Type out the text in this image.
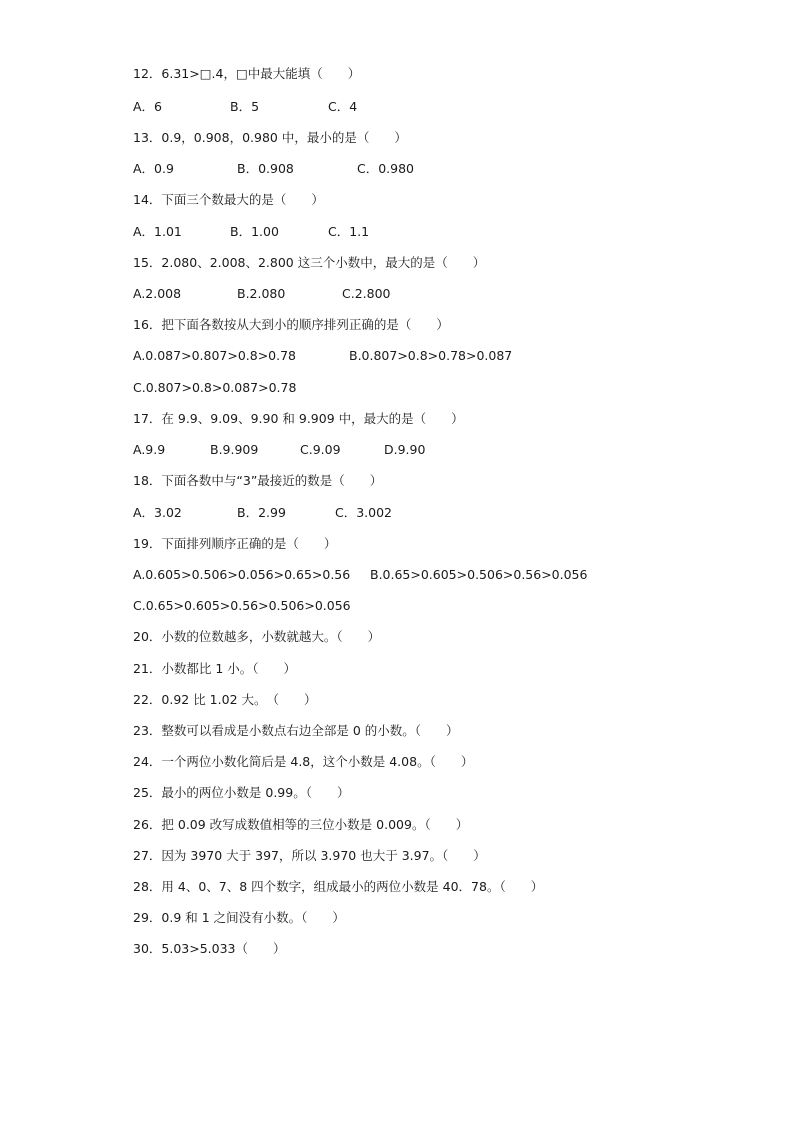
12．6.31>□.4，□中最大能填（　　）

A．6

	B．5

	C．4

13．0.9，0.908，0.980 中，最小的是（　　）

A．0.9

	B．0.908

	C．0.980

14．下面三个数最大的是（　　）

A．1.01

	B．1.00

	C．1.1

15．2.080、2.008、2.800 这三个小数中，最大的是（　　）

A.2.008

	B.2.080

	C.2.800

16．把下面各数按从大到小的顺序排列正确的是（　　）

A.0.087>0.807>0.8>0.78

	B.0.807>0.8>0.78>0.087

C.0.807>0.8>0.087>0.78

17．在 9.9、9.09、9.90 和 9.909 中，最大的是（　　）

A.9.9

	B.9.909

	C.9.09

	D.9.90

18．下面各数中与“3”最接近的数是（　　）

A．3.02

	B．2.99

	C．3.002

19．下面排列顺序正确的是（　　）

A.0.605>0.506>0.056>0.65>0.56

B.0.65>0.605>0.506>0.56>0.056

C.0.65>0.605>0.56>0.506>0.056

20．小数的位数越多，小数就越大。（　　）
21．小数都比 1 小。（　　）
22．0.92 比 1.02 大。　（　　）
23．整数可以看成是小数点右边全部是 0 的小数。（　　）
24．一个两位小数化简后是 4.8，这个小数是 4.08。（　　）
25．最小的两位小数是 0.99。（　　）
26．把 0.09 改写成数值相等的三位小数是 0.009。（　　）
27．因为 3970 大于 397，所以 3.970 也大于 3.97。（　　）
28．用 4、0、7、8 四个数字，组成最小的两位小数是 40．78。（　　）
29．0.9 和 1 之间没有小数。（　　）
30．5.03>5.033（　　）
